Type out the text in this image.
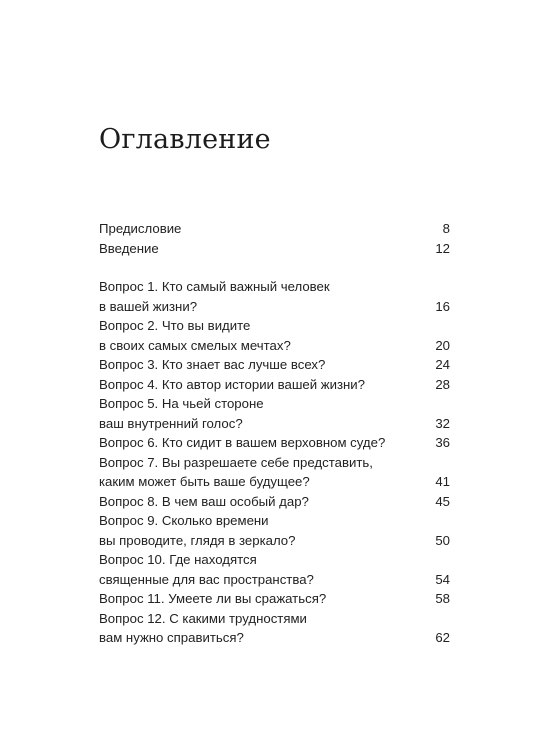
Оглавление
Предисловие	8
Введение	12
Вопрос 1. Кто самый важный человек
в вашей жизни?	16
Вопрос 2. Что вы видите
в своих самых смелых мечтах?	20
Вопрос 3. Кто знает вас лучше всех?	24
Вопрос 4. Кто автор истории вашей жизни?	28
Вопрос 5. На чьей стороне
ваш внутренний голос?	32
Вопрос 6. Кто сидит в вашем верховном суде?	36
Вопрос 7. Вы разрешаете себе представить,
каким может быть ваше будущее?	41
Вопрос 8. В чем ваш особый дар?	45
Вопрос 9. Сколько времени
вы проводите, глядя в зеркало?	50
Вопрос 10. Где находятся
священные для вас пространства?	54
Вопрос 11. Умеете ли вы сражаться?	58
Вопрос 12. С какими трудностями
вам нужно справиться?	62
